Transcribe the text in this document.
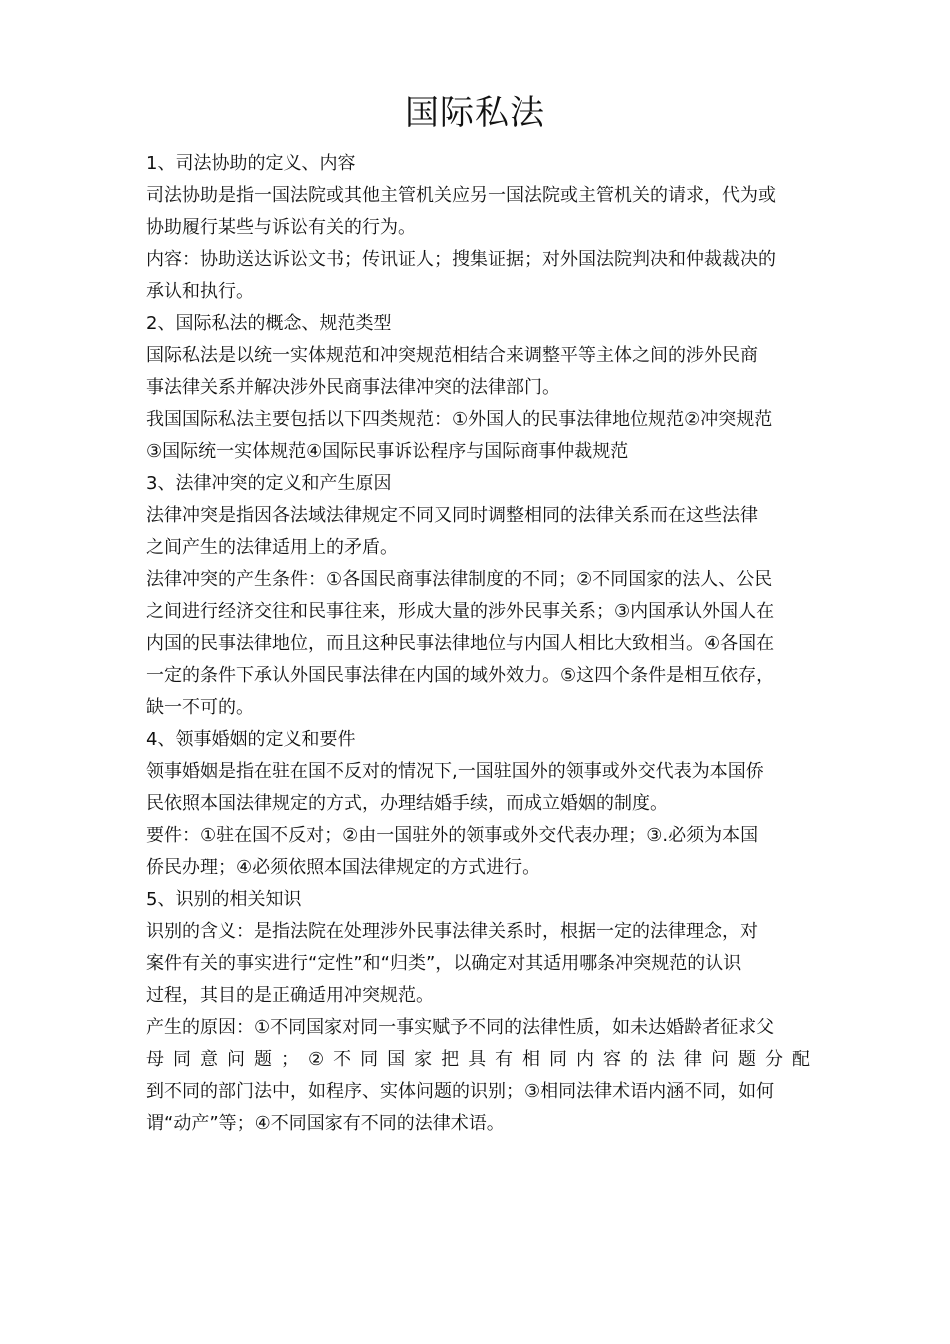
国际私法
1、司法协助的定义、内容
司法协助是指一国法院或其他主管机关应另一国法院或主管机关的请求，代为或
协助履行某些与诉讼有关的行为。
内容：协助送达诉讼文书；传讯证人；搜集证据；对外国法院判决和仲裁裁决的
承认和执行。
2、国际私法的概念、规范类型
国际私法是以统一实体规范和冲突规范相结合来调整平等主体之间的涉外民商
事法律关系并解决涉外民商事法律冲突的法律部门。
我国国际私法主要包括以下四类规范：①外国人的民事法律地位规范②冲突规范
③国际统一实体规范④国际民事诉讼程序与国际商事仲裁规范
3、法律冲突的定义和产生原因
法律冲突是指因各法域法律规定不同又同时调整相同的法律关系而在这些法律
之间产生的法律适用上的矛盾。
法律冲突的产生条件：①各国民商事法律制度的不同；②不同国家的法人、公民
之间进行经济交往和民事往来，形成大量的涉外民事关系；③内国承认外国人在
内国的民事法律地位，而且这种民事法律地位与内国人相比大致相当。④各国在
一定的条件下承认外国民事法律在内国的域外效力。⑤这四个条件是相互依存，
缺一不可的。
4、领事婚姻的定义和要件
领事婚姻是指在驻在国不反对的情况下,一国驻国外的领事或外交代表为本国侨
民依照本国法律规定的方式，办理结婚手续，而成立婚姻的制度。
要件：①驻在国不反对；②由一国驻外的领事或外交代表办理；③.必须为本国
侨民办理；④必须依照本国法律规定的方式进行。
5、识别的相关知识
识别的含义：是指法院在处理涉外民事法律关系时，根据一定的法律理念，对
案件有关的事实进行“定性”和“归类”，以确定对其适用哪条冲突规范的认识
过程，其目的是正确适用冲突规范。
产生的原因：①不同国家对同一事实赋予不同的法律性质，如未达婚龄者征求父
母同意问题；②不同国家把具有相同内容的法律问题分配
到不同的部门法中，如程序、实体问题的识别；③相同法律术语内涵不同，如何
谓“动产”等；④不同国家有不同的法律术语。
